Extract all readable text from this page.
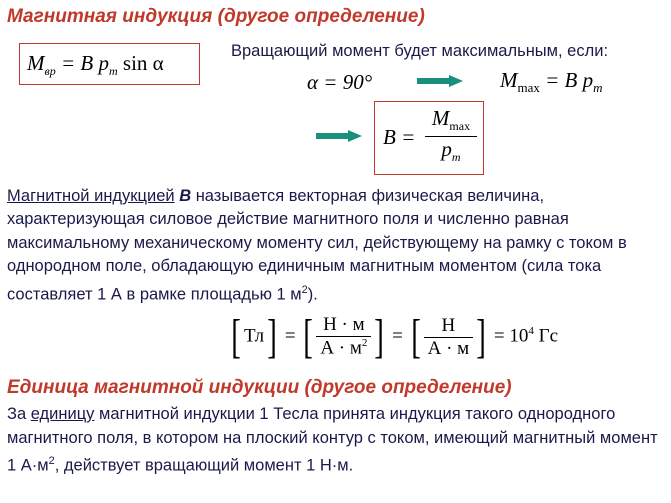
Магнитная индукция (другое определение)
$M_{вр} = B$ $p_m$ sin α	Вращающий момент будет максимальным, если:
α = 90°	$M_{max} = B$ $p_m$
B =
$M_{max}$
$p_m$
Магнитной индукцией B называется векторная физическая величина, характеризующая силовое действие магнитного поля и численно равная максимальному механическому моменту сил, действующему на рамку с током в однородном поле, обладающую единичным магнитным моментом (сила тока составляет 1 А в рамке площадью 1 $м^2$).
[ Тл] = [ $\frac{Н \cdot м}{А \cdot м^2}$ ] = [ $\frac{Н}{А \cdot м}$ ] = $10^4$ Гс
Единица магнитной индукции (другое определение)
За единицу магнитной индукции 1 Тесла принята индукция такого однородного магнитного поля, в котором на плоский контур с током, имеющий магнитный момент 1 $А\cdot м^2$, действует вращающий момент 1 Н·м.
